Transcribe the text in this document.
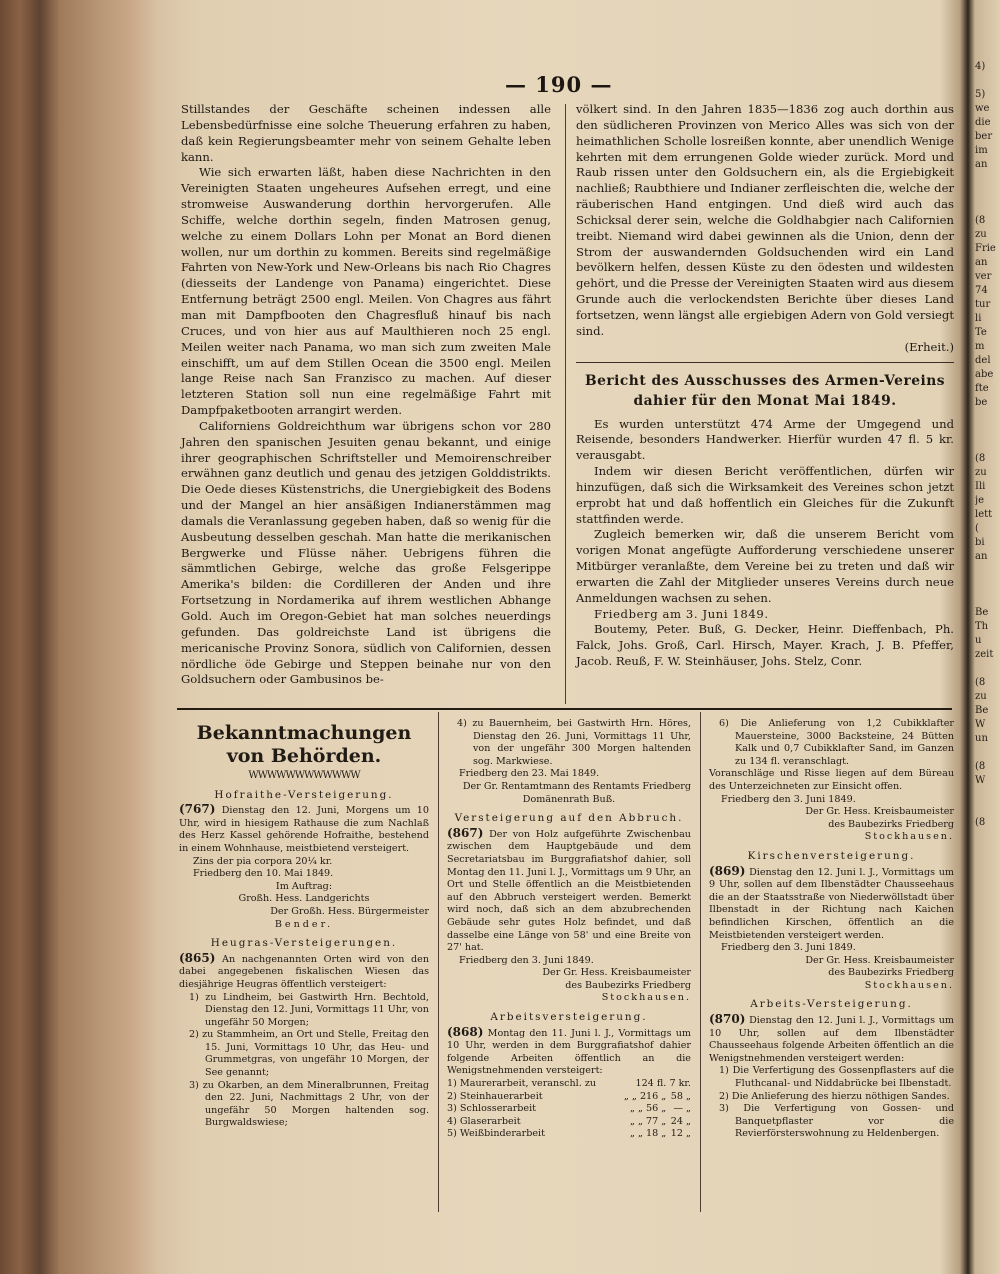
— 190 —

Stillstandes der Geschäfte scheinen indessen alle Lebensbedürfnisse eine solche Theuerung erfahren zu haben, daß kein Regierungsbeamter mehr von seinem Gehalte leben kann.

Wie sich erwarten läßt, haben diese Nachrichten in den Vereinigten Staaten ungeheures Aufsehen erregt, und eine stromweise Auswanderung dorthin hervorgerufen. Alle Schiffe, welche dorthin segeln, finden Matrosen genug, welche zu einem Dollars Lohn per Monat an Bord dienen wollen, nur um dorthin zu kommen. Bereits sind regelmäßige Fahrten von New-York und New-Orleans bis nach Rio Chagres (diesseits der Landenge von Panama) eingerichtet. Diese Entfernung beträgt 2500 engl. Meilen. Von Chagres aus fährt man mit Dampfbooten den Chagresfluß hinauf bis nach Cruces, und von hier aus auf Maulthieren noch 25 engl. Meilen weiter nach Panama, wo man sich zum zweiten Male einschifft, um auf dem Stillen Ocean die 3500 engl. Meilen lange Reise nach San Franzisco zu machen. Auf dieser letzteren Station soll nun eine regelmäßige Fahrt mit Dampfpaketbooten arrangirt werden.

Californiens Goldreichthum war übrigens schon vor 280 Jahren den spanischen Jesuiten genau bekannt, und einige ihrer geographischen Schriftsteller und Memoirenschreiber erwähnen ganz deutlich und genau des jetzigen Golddistrikts. Die Oede dieses Küstenstrichs, die Unergiebigkeit des Bodens und der Mangel an hier ansäßigen Indianerstämmen mag damals die Veranlassung gegeben haben, daß so wenig für die Ausbeutung desselben geschah. Man hatte die merikanischen Bergwerke und Flüsse näher. Uebrigens führen die sämmtlichen Gebirge, welche das große Felsgerippe Amerika's bilden: die Cordilleren der Anden und ihre Fortsetzung in Nordamerika auf ihrem westlichen Abhange Gold. Auch im Oregon-Gebiet hat man solches neuerdings gefunden. Das goldreichste Land ist übrigens die mericanische Provinz Sonora, südlich von Californien, dessen nördliche öde Gebirge und Steppen beinahe nur von den Goldsuchern oder Gambusinos be-

völkert sind. In den Jahren 1835—1836 zog auch dorthin aus den südlicheren Provinzen von Merico Alles was sich von der heimathlichen Scholle losreißen konnte, aber unendlich Wenige kehrten mit dem errungenen Golde wieder zurück. Mord und Raub rissen unter den Goldsuchern ein, als die Ergiebigkeit nachließ; Raubthiere und Indianer zerfleischten die, welche der räuberischen Hand entgingen. Und dieß wird auch das Schicksal derer sein, welche die Goldhabgier nach Californien treibt. Niemand wird dabei gewinnen als die Union, denn der Strom der auswandernden Goldsuchenden wird ein Land bevölkern helfen, dessen Küste zu den ödesten und wildesten gehört, und die Presse der Vereinigten Staaten wird aus diesem Grunde auch die verlockendsten Berichte über dieses Land fortsetzen, wenn längst alle ergiebigen Adern von Gold versiegt sind.

(Erheit.)

Bericht des Ausschusses des Armen-Vereins dahier für den Monat Mai 1849.

Es wurden unterstützt 474 Arme der Umgegend und Reisende, besonders Handwerker. Hierfür wurden 47 fl. 5 kr. verausgabt.

Indem wir diesen Bericht veröffentlichen, dürfen wir hinzufügen, daß sich die Wirksamkeit des Vereines schon jetzt erprobt hat und daß hoffentlich ein Gleiches für die Zukunft stattfinden werde.

Zugleich bemerken wir, daß die unserem Bericht vom vorigen Monat angefügte Aufforderung verschiedene unserer Mitbürger veranlaßte, dem Vereine bei zu treten und daß wir erwarten die Zahl der Mitglieder unseres Vereins durch neue Anmeldungen wachsen zu sehen.

Friedberg am 3. Juni 1849.

Boutemy, Peter. Buß, G. Decker, Heinr. Dieffenbach, Ph. Falck, Johs. Groß, Carl. Hirsch, Mayer. Krach, J. B. Pfeffer, Jacob. Reuß, F. W. Steinhäuser, Johs. Stelz, Conr.

Bekanntmachungen von Behörden.
WWWWWWWWWWWW
Hofraithe-Versteigerung.

(767) Dienstag den 12. Juni, Morgens um 10 Uhr, wird in hiesigem Rathause die zum Nachlaß des Herz Kassel gehörende Hofraithe, bestehend in einem Wohnhause, meistbietend versteigert.

Zins der pia corpora 20¼ kr.

Friedberg den 10. Mai 1849.

Im Auftrag:

Großh. Hess. Landgerichts

Der Großh. Hess. Bürgermeister

Bender.

Heugras-Versteigerungen.

(865) An nachgenannten Orten wird von den dabei angegebenen fiskalischen Wiesen das diesjährige Heugras öffentlich versteigert:

1) zu Lindheim, bei Gastwirth Hrn. Bechtold, Dienstag den 12. Juni, Vormittags 11 Uhr, von ungefähr 50 Morgen;

2) zu Stammheim, an Ort und Stelle, Freitag den 15. Juni, Vormittags 10 Uhr, das Heu- und Grummetgras, von ungefähr 10 Morgen, der See genannt;

3) zu Okarben, an dem Mineralbrunnen, Freitag den 22. Juni, Nachmittags 2 Uhr, von der ungefähr 50 Morgen haltenden sog. Burgwaldswiese;

4) zu Bauernheim, bei Gastwirth Hrn. Höres, Dienstag den 26. Juni, Vormittags 11 Uhr, von der ungefähr 300 Morgen haltenden sog. Markwiese.

Friedberg den 23. Mai 1849.

Der Gr. Rentamtmann des Rentamts Friedberg

Domänenrath Buß.

Versteigerung auf den Abbruch.

(867) Der von Holz aufgeführte Zwischenbau zwischen dem Hauptgebäude und dem Secretariatsbau im Burggrafiatshof dahier, soll Montag den 11. Juni l. J., Vormittags um 9 Uhr, an Ort und Stelle öffentlich an die Meistbietenden auf den Abbruch versteigert werden. Bemerkt wird noch, daß sich an dem abzubrechenden Gebäude sehr gutes Holz befindet, und daß dasselbe eine Länge von 58' und eine Breite von 27' hat.

Friedberg den 3. Juni 1849.

Der Gr. Hess. Kreisbaumeister

des Baubezirks Friedberg

Stockhausen.

Arbeitsversteigerung.

(868) Montag den 11. Juni l. J., Vormittags um 10 Uhr, werden in dem Burggrafiatshof dahier folgende Arbeiten öffentlich an die Wenigstnehmenden versteigert:

1) Maurerarbeit, veranschl. zu	124 fl.	7 kr.
2) Steinhauerarbeit	„ „ 216 „	58 „
3) Schlosserarbeit	„ „ 56 „	— „
4) Glaserarbeit	„ „ 77 „	24 „
5) Weißbinderarbeit	„ „ 18 „	12 „

6) Die Anlieferung von 1,2 Cubikklafter Mauersteine, 3000 Backsteine, 24 Bütten Kalk und 0,7 Cubikklafter Sand, im Ganzen zu 134 fl. veranschlagt.

Voranschläge und Risse liegen auf dem Büreau des Unterzeichneten zur Einsicht offen.

Friedberg den 3. Juni 1849.

Der Gr. Hess. Kreisbaumeister

des Baubezirks Friedberg

Stockhausen.

Kirschenversteigerung.

(869) Dienstag den 12. Juni l. J., Vormittags um 9 Uhr, sollen auf dem Ilbenstädter Chausseehaus die an der Staatsstraße von Niederwöllstadt über Ilbenstadt in der Richtung nach Kaichen befindlichen Kirschen, öffentlich an die Meistbietenden versteigert werden.

Friedberg den 3. Juni 1849.

Der Gr. Hess. Kreisbaumeister

des Baubezirks Friedberg

Stockhausen.

Arbeits-Versteigerung.

(870) Dienstag den 12. Juni l. J., Vormittags um 10 Uhr, sollen auf dem Ilbenstädter Chausseehaus folgende Arbeiten öffentlich an die Wenigstnehmenden versteigert werden:

1) Die Verfertigung des Gossenpflasters auf die Fluthcanal- und Niddabrücke bei Ilbenstadt.

2) Die Anlieferung des hierzu nöthigen Sandes.

3) Die Verfertigung von Gossen- und Banquetpflaster vor die Revierförsterswohnung zu Heldenbergen.

4)

5)
we
die
ber
im
an

(8
zu
Frie
an
ver
74
tur
li
Te
m
del
abe
fte
be

(8
zu
Ili
je
lett
(
bi
an

Be
Th
u
zeit

(8
zu
Be
W
un

(8
W

(8
